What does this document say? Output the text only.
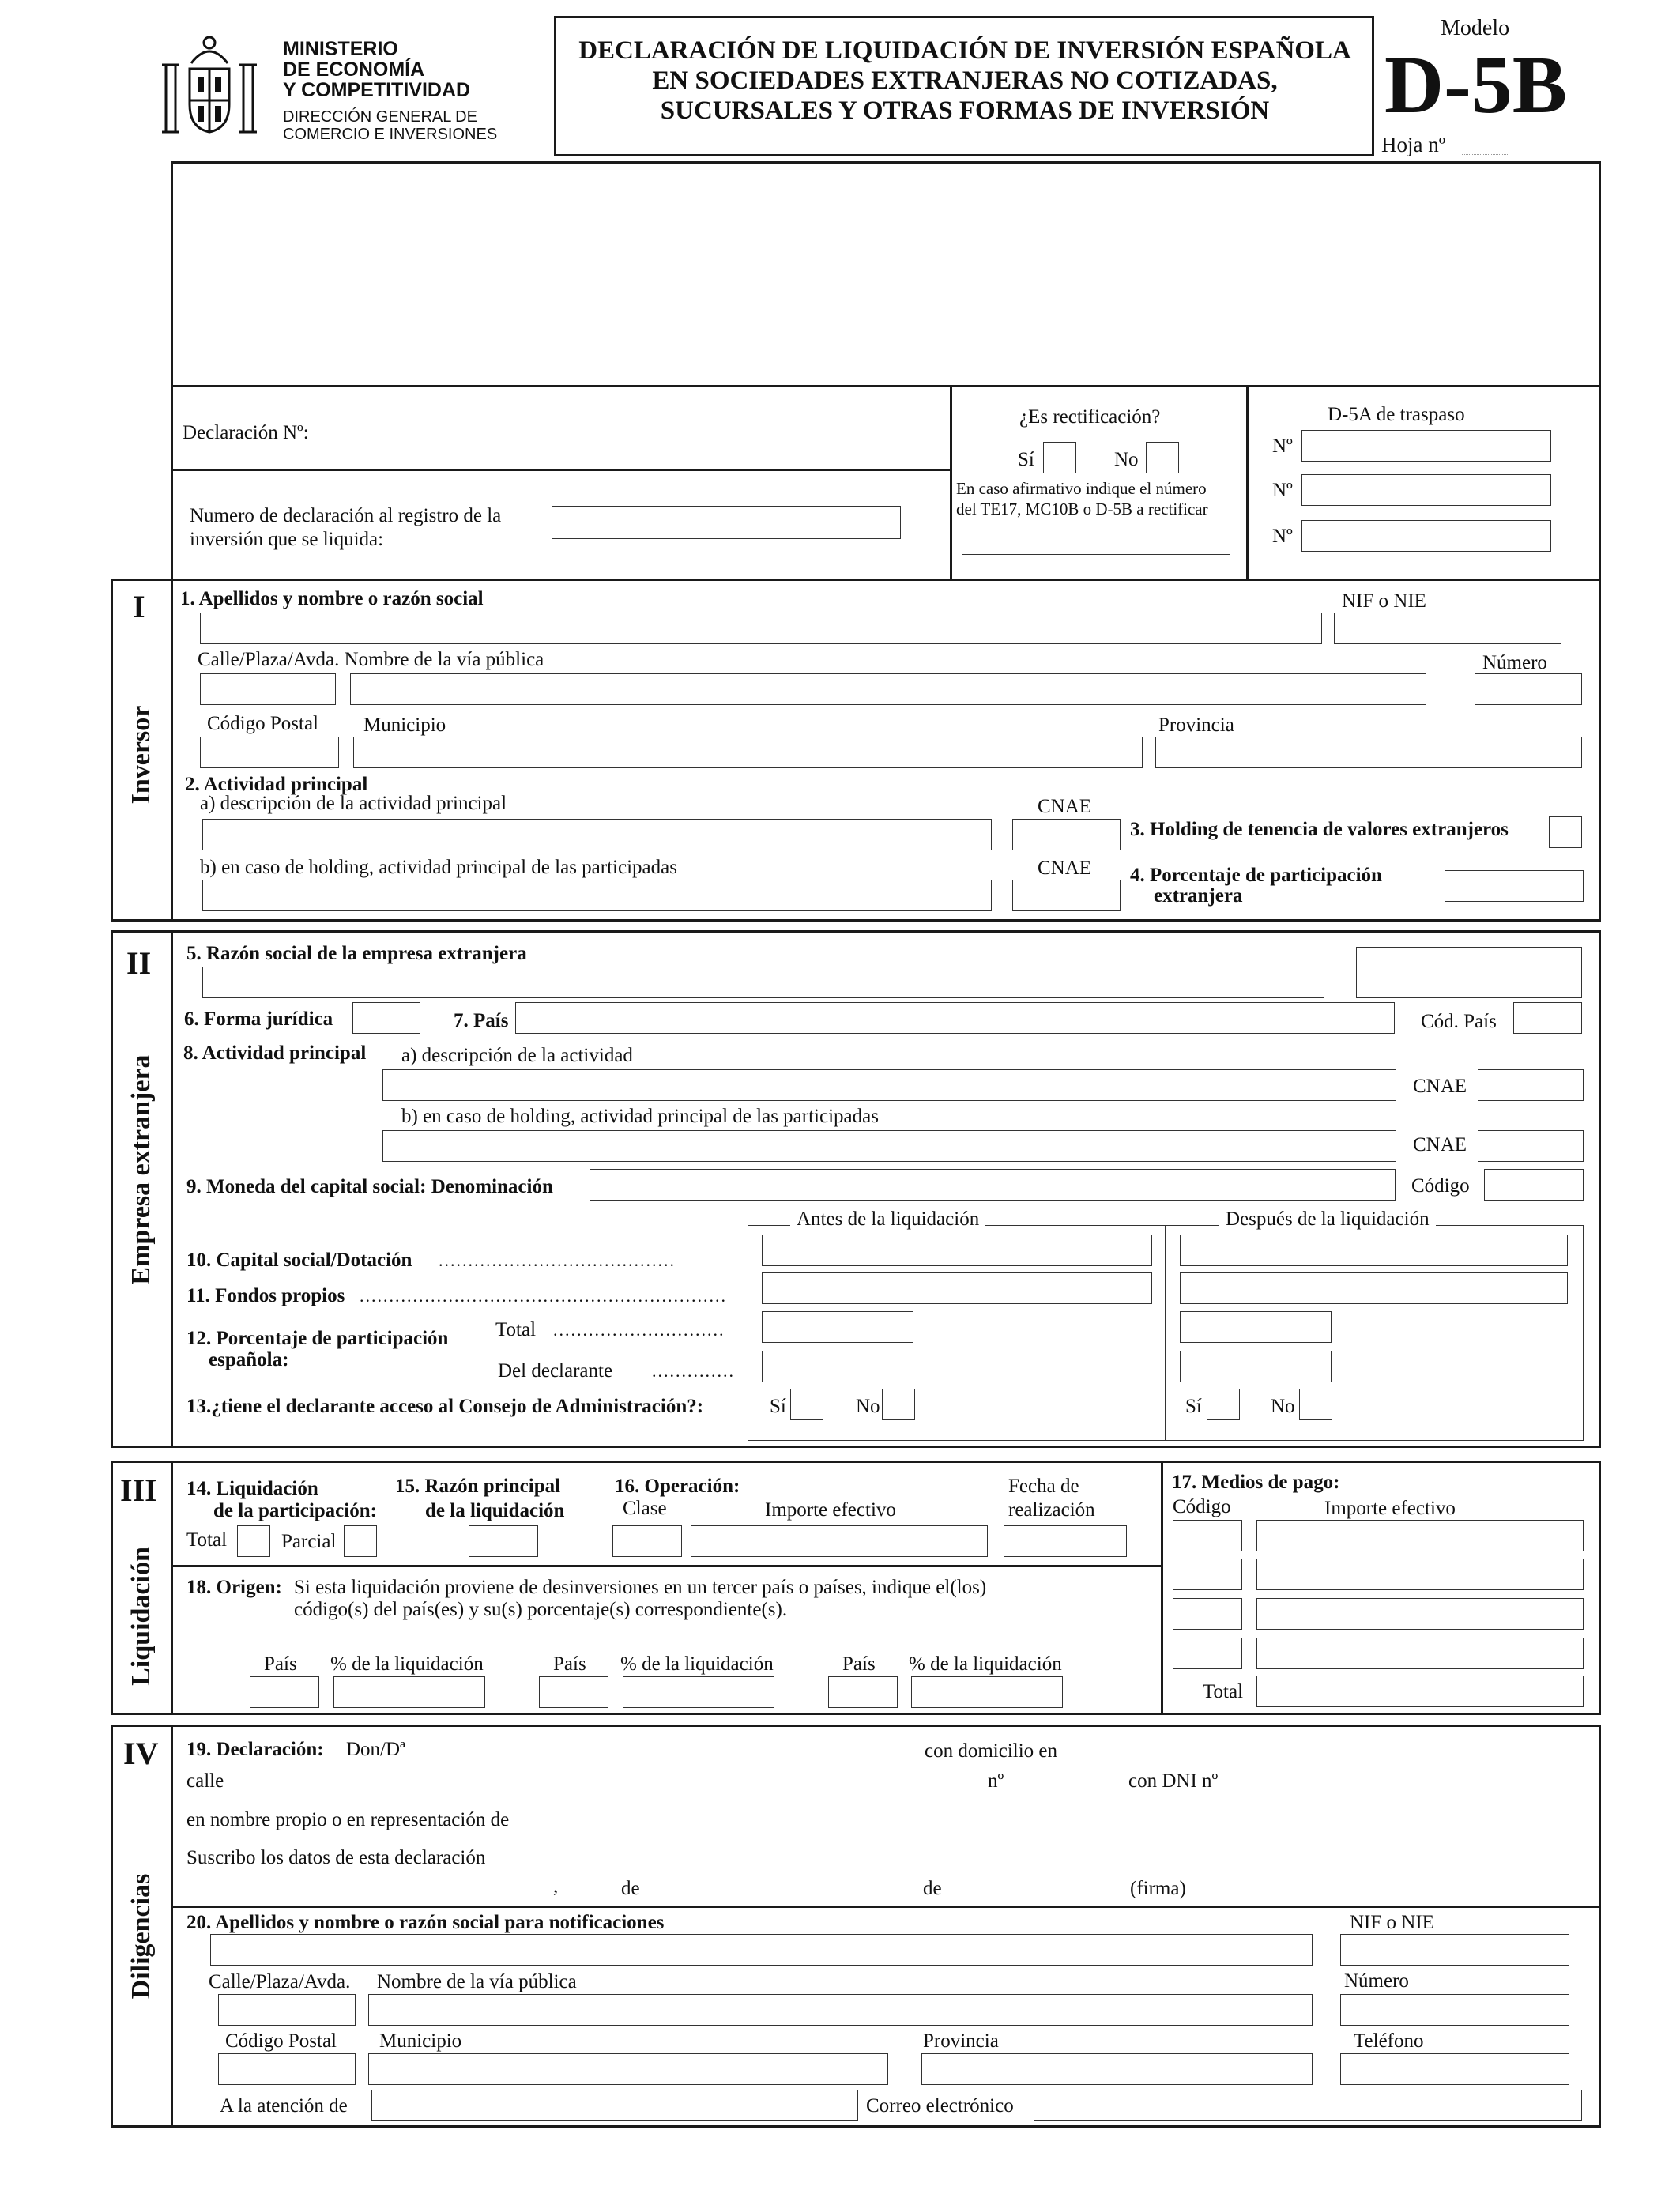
MINISTERIO
DE ECONOMÍA
Y COMPETITIVIDAD
DIRECCIÓN GENERAL DE
COMERCIO E INVERSIONES
DECLARACIÓN DE LIQUIDACIÓN DE INVERSIÓN ESPAÑOLA
EN SOCIEDADES EXTRANJERAS NO COTIZADAS,
SUCURSALES Y OTRAS FORMAS DE INVERSIÓN
Modelo
D-5B
Hoja nº
Declaración Nº:
Numero de declaración al registro de la
inversión que se liquida:
¿Es rectificación?
Sí	No
En caso afirmativo indique el número
del TE17, MC10B o D-5B a rectificar
D-5A de traspaso
Nº
Nº
Nº
I
Inversor
1. Apellidos y nombre o razón social	NIF o NIE
Calle/Plaza/Avda. Nombre de la vía pública	Número
Código Postal Municipio	Provincia
2. Actividad principal
a) descripción de la actividad principal	CNAE
3. Holding de tenencia de valores extranjeros
b) en caso de holding, actividad principal de las participadas	CNAE 4. Porcentaje de participación
extranjera
II
Empresa extranjera
5. Razón social de la empresa extranjera
6. Forma jurídica	7. País	Cód. País
8. Actividad principal a) descripción de la actividad
CNAE
b) en caso de holding, actividad principal de las participadas
CNAE
9. Moneda del capital social: Denominación	Código
Antes de la liquidación	Después de la liquidación
10. Capital social/Dotación ........................................
11. Fondos propios ..............................................................
12. Porcentaje de participación
española:
Total .............................
Del declarante ..............
13.¿tiene el declarante acceso al Consejo de Administración?:	Sí	No	Sí	No
III
Liquidación
14. Liquidación
de la participación:
Total	Parcial
15. Razón principal
de la liquidación
16. Operación:
Clase	Importe efectivo
Fecha de
realización
17. Medios de pago:
Código	Importe efectivo
Total
18. Origen: Si esta liquidación proviene de desinversiones en un tercer país o países, indique el(los)
código(s) del país(es) y su(s) porcentaje(s) correspondiente(s).
País % de la liquidación	País % de la liquidación	País % de la liquidación
IV
Diligencias
19. Declaración: Don/Dª	con domicilio en
calle	nº	con DNI nº
en nombre propio o en representación de
Suscribo los datos de esta declaración
,	de	de	(firma)
20. Apellidos y nombre o razón social para notificaciones	NIF o NIE
Calle/Plaza/Avda. Nombre de la vía pública	Número
Código Postal Municipio	Provincia	Teléfono
A la atención de	Correo electrónico
